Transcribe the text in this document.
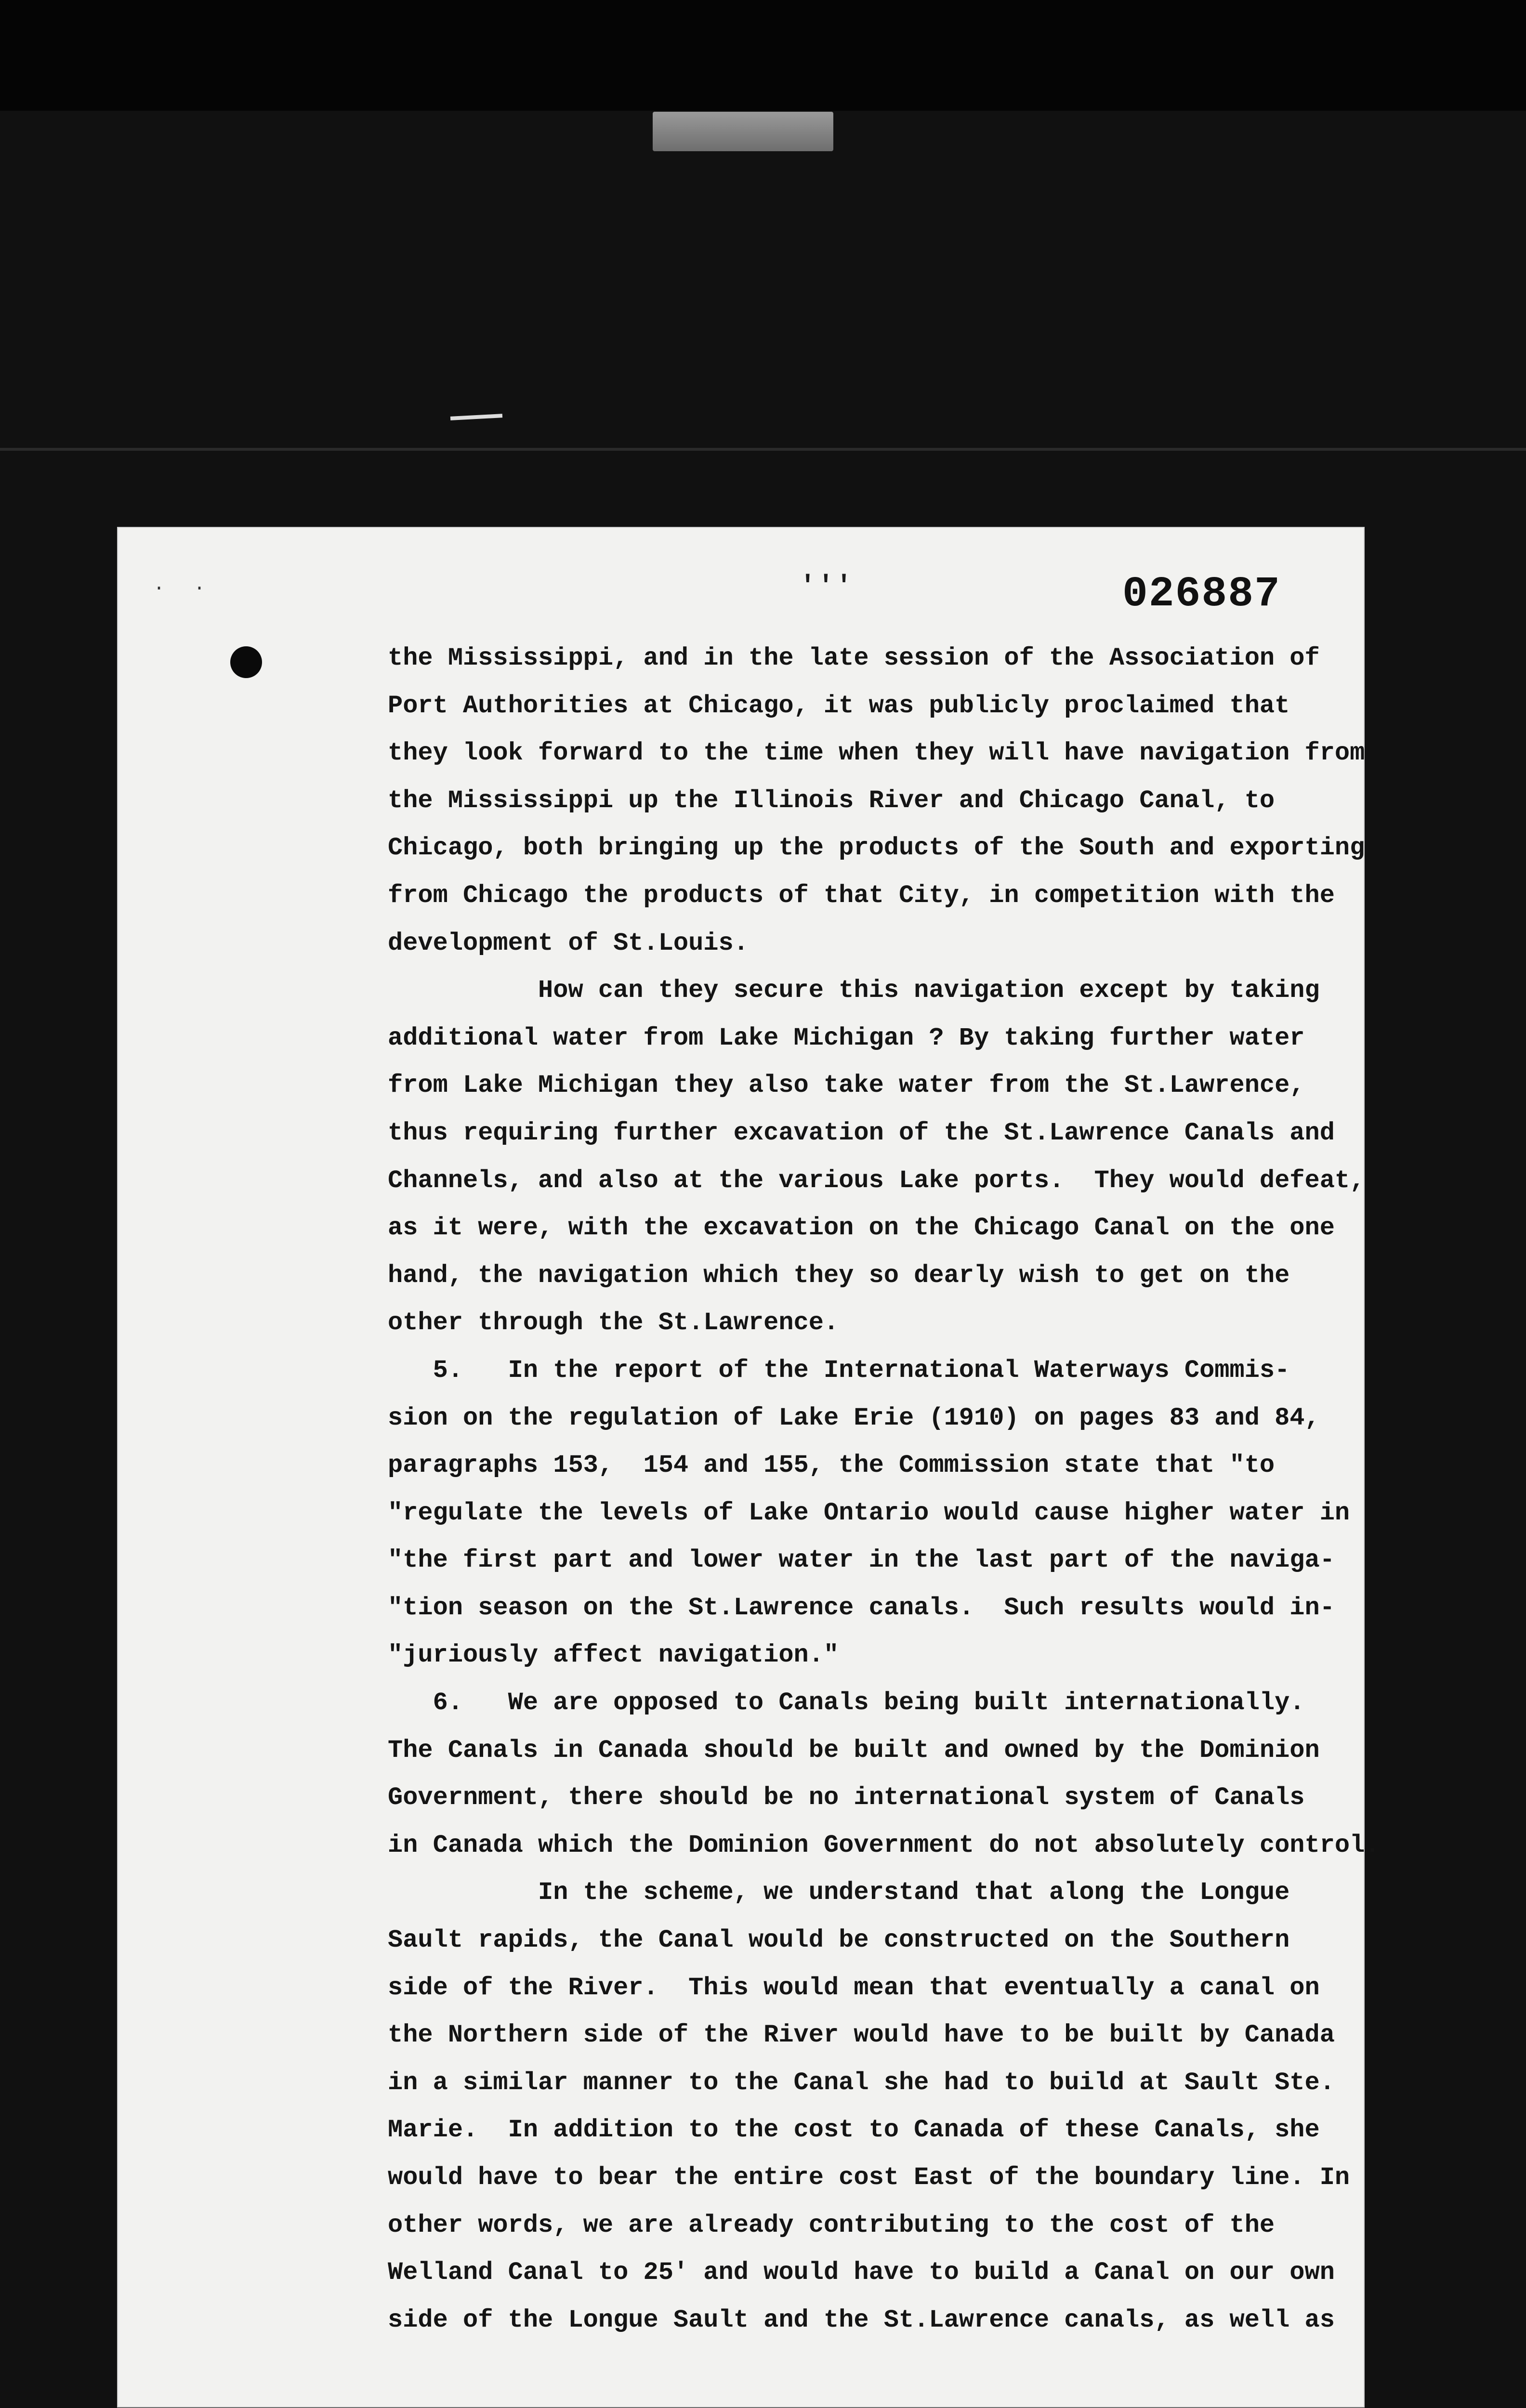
· ·	'''	026887
the Mississippi, and in the late session of the Association of
Port Authorities at Chicago, it was publicly proclaimed that
they look forward to the time when they will have navigation from
the Mississippi up the Illinois River and Chicago Canal, to
Chicago, both bringing up the products of the South and exporting
from Chicago the products of that City, in competition with the
development of St.Louis.
How can they secure this navigation except by taking
additional water from Lake Michigan ? By taking further water
from Lake Michigan they also take water from the St.Lawrence,
thus requiring further excavation of the St.Lawrence Canals and
Channels, and also at the various Lake ports.  They would defeat,
as it were, with the excavation on the Chicago Canal on the one
hand, the navigation which they so dearly wish to get on the
other through the St.Lawrence.
5.   In the report of the International Waterways Commis-
sion on the regulation of Lake Erie (1910) on pages 83 and 84,
paragraphs 153,  154 and 155, the Commission state that "to
"regulate the levels of Lake Ontario would cause higher water in
"the first part and lower water in the last part of the naviga-
"tion season on the St.Lawrence canals.  Such results would in-
"juriously affect navigation."
6.   We are opposed to Canals being built internationally.
The Canals in Canada should be built and owned by the Dominion
Government, there should be no international system of Canals
in Canada which the Dominion Government do not absolutely control.
In the scheme, we understand that along the Longue
Sault rapids, the Canal would be constructed on the Southern
side of the River.  This would mean that eventually a canal on
the Northern side of the River would have to be built by Canada
in a similar manner to the Canal she had to build at Sault Ste.
Marie.  In addition to the cost to Canada of these Canals, she
would have to bear the entire cost East of the boundary line. In
other words, we are already contributing to the cost of the
Welland Canal to 25' and would have to build a Canal on our own
side of the Longue Sault and the St.Lawrence canals, as well as
